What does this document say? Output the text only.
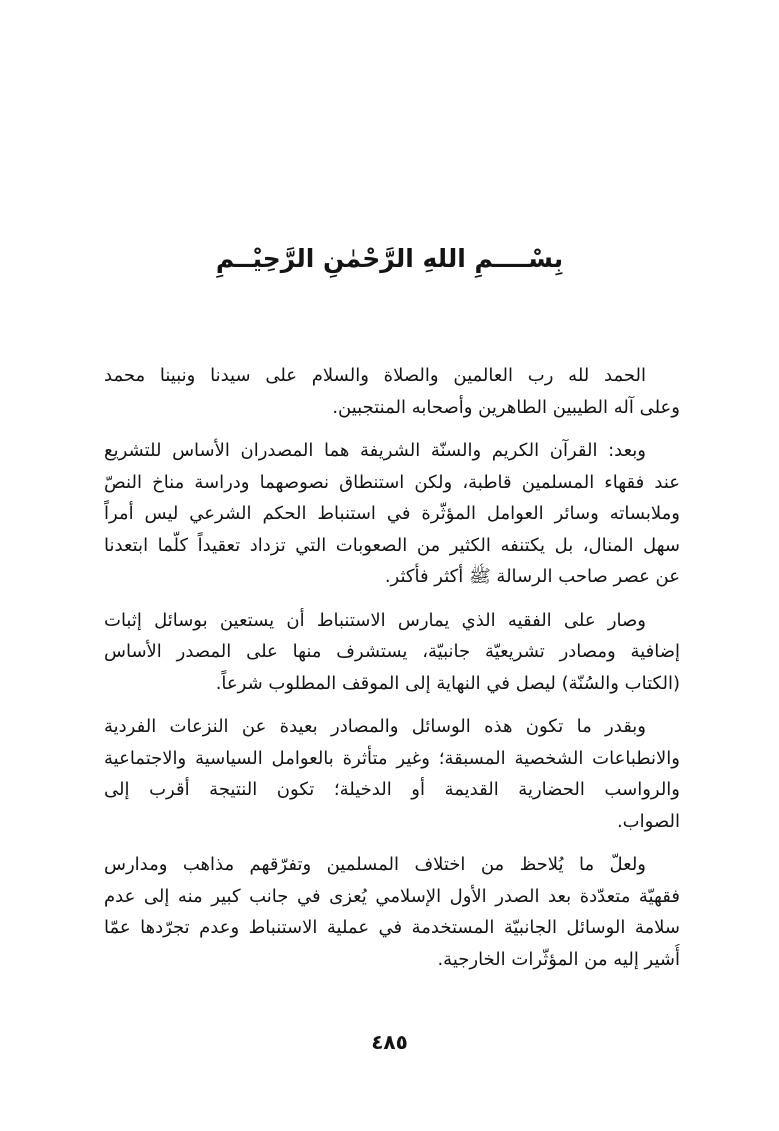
بِسْــــمِ اللهِ الرَّحْمٰنِ الرَّحِيْــمِ
الحمد لله رب العالمين والصلاة والسلام على سيدنا ونبينا محمد
وعلى آله الطيبين الطاهرين وأصحابه المنتجبين.
وبعد: القرآن الكريم والسنّة الشريفة هما المصدران الأساس للتشريع
عند فقهاء المسلمين قاطبة، ولكن استنطاق نصوصهما ودراسة مناخ النصّ
وملابساته وسائر العوامل المؤثّرة في استنباط الحكم الشرعي ليس أمراً
سهل المنال، بل يكتنفه الكثير من الصعوبات التي تزداد تعقيداً كلّما ابتعدنا
عن عصر صاحب الرسالة ﷺ أكثر فأكثر.
وصار على الفقيه الذي يمارس الاستنباط أن يستعين بوسائل إثبات
إضافية ومصادر تشريعيّة جانبيّة، يستشرف منها على المصدر الأساس
(الكتاب والسُنّة) ليصل في النهاية إلى الموقف المطلوب شرعاً.
وبقدر ما تكون هذه الوسائل والمصادر بعيدة عن النزعات الفردية
والانطباعات الشخصية المسبقة؛ وغير متأثرة بالعوامل السياسية والاجتماعية
والرواسب الحضارية القديمة أو الدخيلة؛ تكون النتيجة أقرب إلى
الصواب.
ولعلّ ما يُلاحظ من اختلاف المسلمين وتفرّقهم مذاهب ومدارس
فقهيّة متعدّدة بعد الصدر الأول الإسلامي يُعزى في جانب كبير منه إلى عدم
سلامة الوسائل الجانبيّة المستخدمة في عملية الاستنباط وعدم تجرّدها عمّا
أُشير إليه من المؤثّرات الخارجية.
٤٨٥
